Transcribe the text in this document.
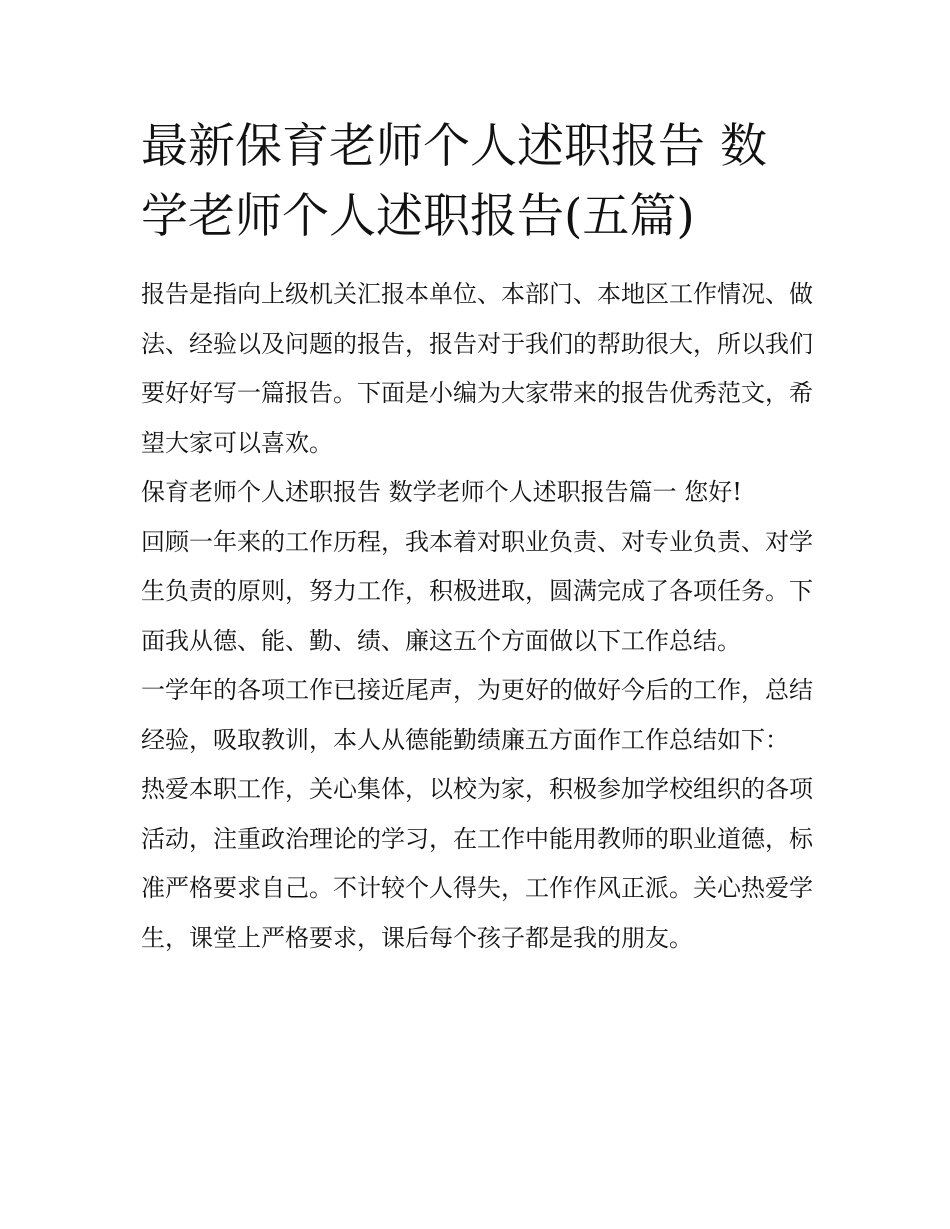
最新保育老师个人述职报告 数学老师个人述职报告(五篇)

报告是指向上级机关汇报本单位、本部门、本地区工作情况、做法、经验以及问题的报告，报告对于我们的帮助很大，所以我们要好好写一篇报告。下面是小编为大家带来的报告优秀范文，希望大家可以喜欢。

保育老师个人述职报告 数学老师个人述职报告篇一 您好!

回顾一年来的工作历程，我本着对职业负责、对专业负责、对学生负责的原则，努力工作，积极进取，圆满完成了各项任务。下面我从德、能、勤、绩、廉这五个方面做以下工作总结。

一学年的各项工作已接近尾声，为更好的做好今后的工作，总结经验，吸取教训，本人从德能勤绩廉五方面作工作总结如下：

热爱本职工作，关心集体，以校为家，积极参加学校组织的各项活动，注重政治理论的学习，在工作中能用教师的职业道德，标准严格要求自己。不计较个人得失，工作作风正派。关心热爱学生，课堂上严格要求，课后每个孩子都是我的朋友。
